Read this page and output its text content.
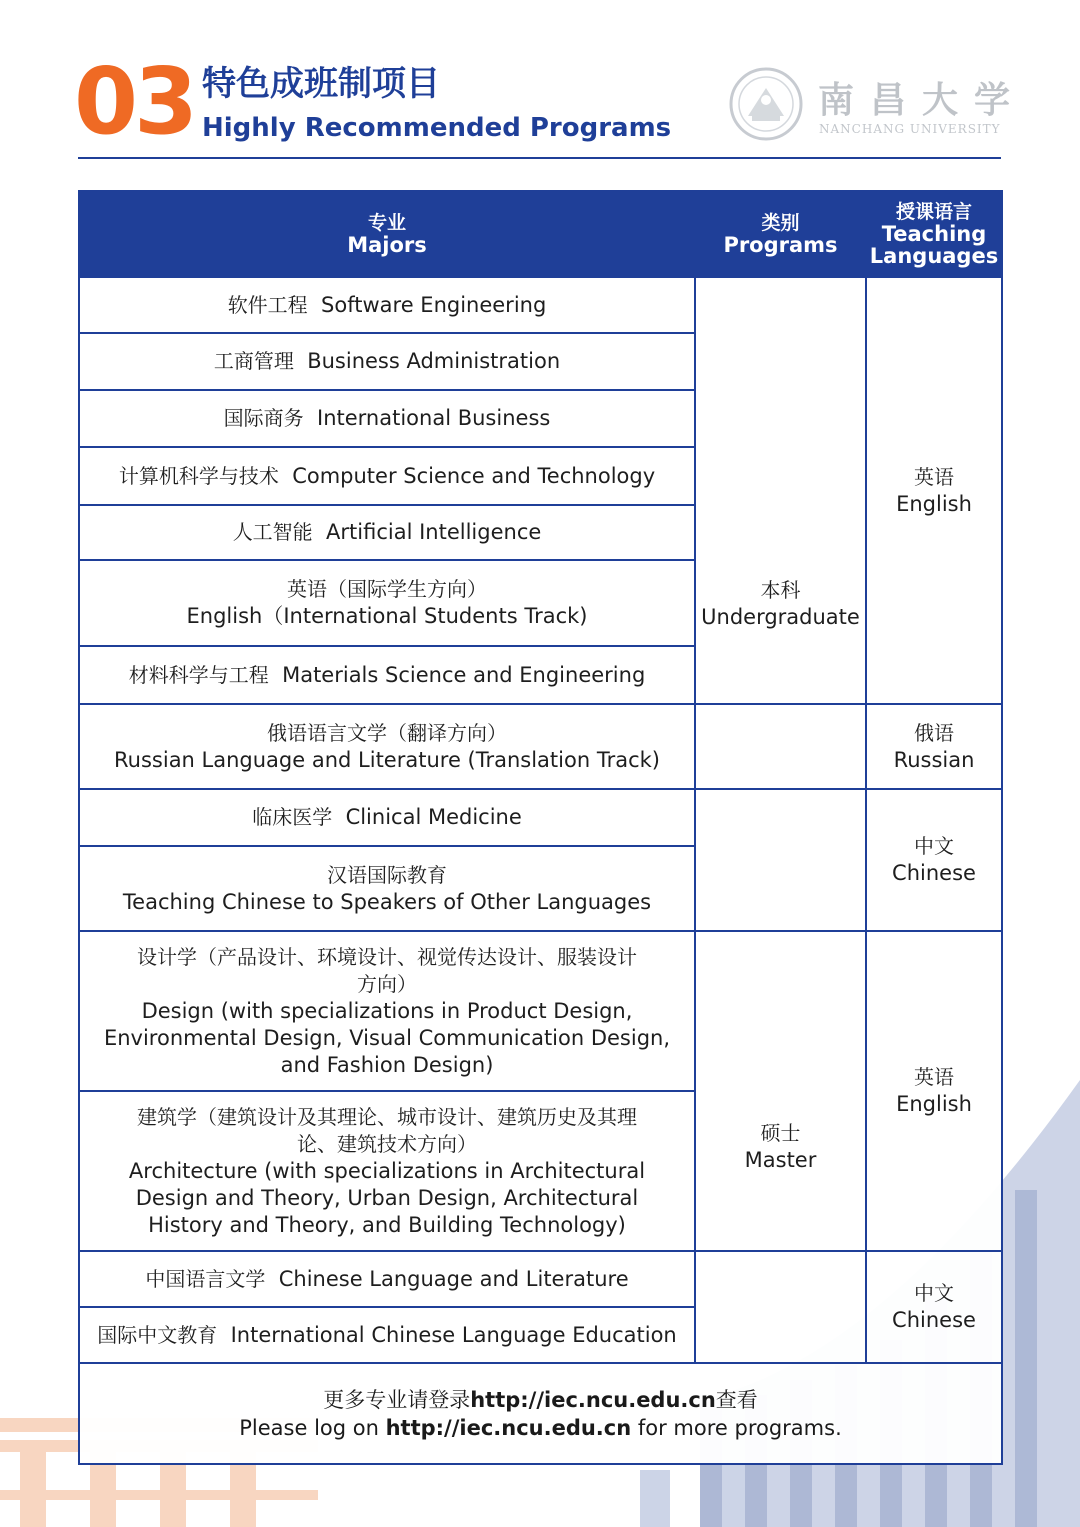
03 特色成班制项目
Highly Recommended Programs
南昌大学
NANCHANG UNIVERSITY
专业
Majors
类别
Programs
授课语言
Teaching
Languages
软件工程 Software Engineering
工商管理 Business Administration
国际商务 International Business
计算机科学与技术 Computer Science and Technology
人工智能 Artificial Intelligence
英语（国际学生方向）
English（International Students Track)
材料科学与工程 Materials Science and Engineering
俄语语言文学（翻译方向）
Russian Language and Literature (Translation Track)
临床医学 Clinical Medicine
汉语国际教育
Teaching Chinese to Speakers of Other Languages
设计学（产品设计、环境设计、视觉传达设计、服装设计
方向）
Design (with specializations in Product Design,
Environmental Design, Visual Communication Design,
and Fashion Design)
建筑学（建筑设计及其理论、城市设计、建筑历史及其理
论、建筑技术方向）
Architecture (with specializations in Architectural
Design and Theory, Urban Design, Architectural
History and Theory, and Building Technology)
中国语言文学 Chinese Language and Literature
国际中文教育 International Chinese Language Education
本科
Undergraduate
硕士
Master
英语
English
俄语
Russian
中文
Chinese
英语
English
中文
Chinese
更多专业请登录http://iec.ncu.edu.cn查看
Please log on http://iec.ncu.edu.cn for more programs.
